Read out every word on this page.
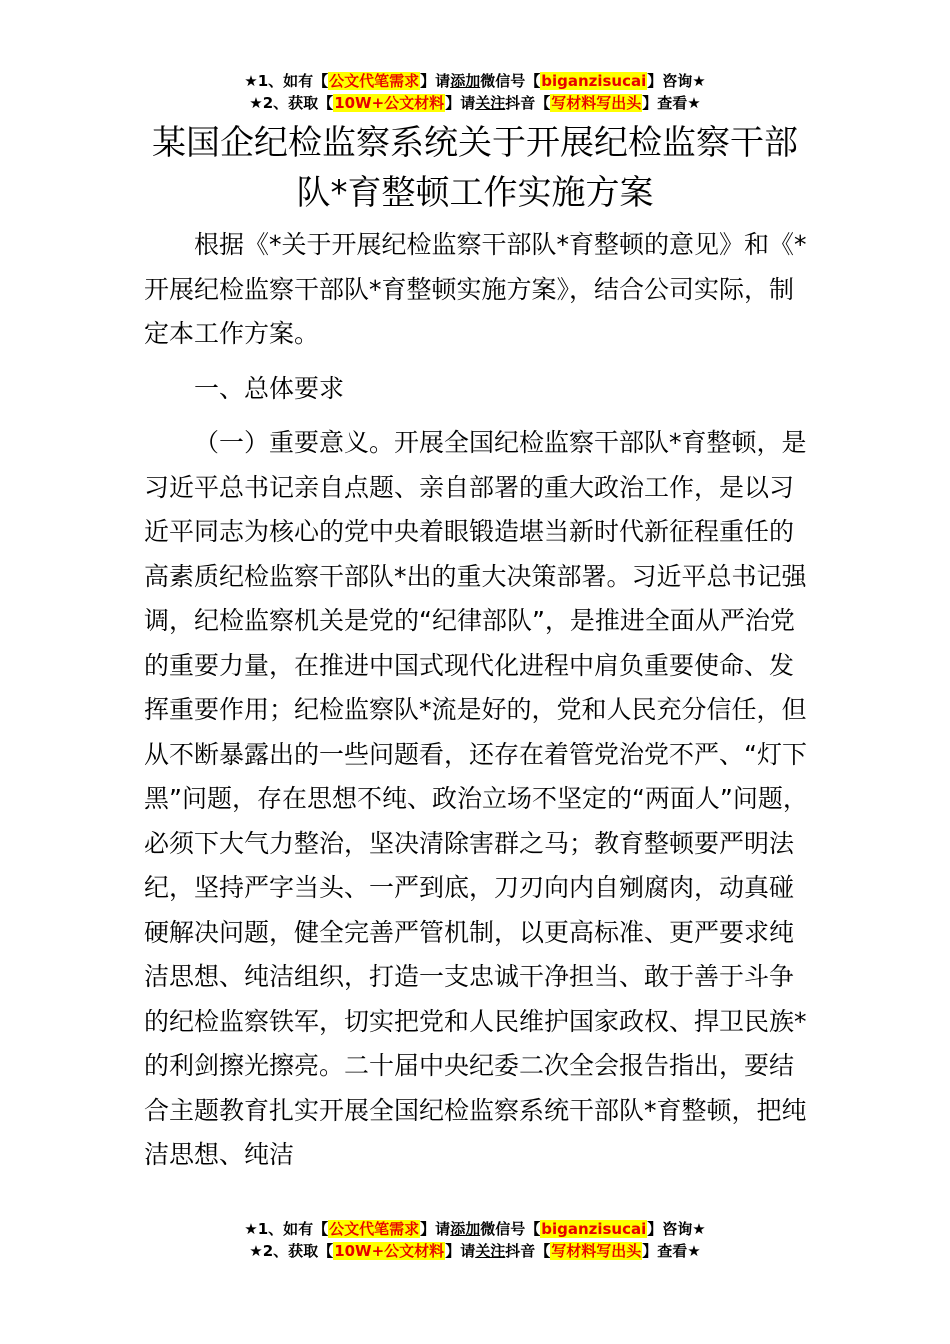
★1、如有【公文代笔需求】请添加微信号【biganzisucai】咨询★
★2、获取【10W+公文材料】请关注抖音【写材料写出头】查看★
某国企纪检监察系统关于开展纪检监察干部
队*育整顿工作实施方案

根据《*关于开展纪检监察干部队*育整顿的意见》和《*开展纪检监察干部队*育整顿实施方案》，结合公司实际，制定本工作方案。

一、总体要求

（一）重要意义。开展全国纪检监察干部队*育整顿，是习近平总书记亲自点题、亲自部署的重大政治工作，是以习近平同志为核心的党中央着眼锻造堪当新时代新征程重任的高素质纪检监察干部队*出的重大决策部署。习近平总书记强调，纪检监察机关是党的“纪律部队”，是推进全面从严治党的重要力量，在推进中国式现代化进程中肩负重要使命、发挥重要作用；纪检监察队*流是好的，党和人民充分信任，但从不断暴露出的一些问题看，还存在着管党治党不严、“灯下黑”问题，存在思想不纯、政治立场不坚定的“两面人”问题，必须下大气力整治，坚决清除害群之马；教育整顿要严明法纪，坚持严字当头、一严到底，刀刃向内自剜腐肉，动真碰硬解决问题，健全完善严管机制，以更高标准、更严要求纯洁思想、纯洁组织，打造一支忠诚干净担当、敢于善于斗争的纪检监察铁军，切实把党和人民维护国家政权、捍卫民族*的利剑擦光擦亮。二十届中央纪委二次全会报告指出，要结合主题教育扎实开展全国纪检监察系统干部队*育整顿，把纯洁思想、纯洁

★1、如有【公文代笔需求】请添加微信号【biganzisucai】咨询★
★2、获取【10W+公文材料】请关注抖音【写材料写出头】查看★
